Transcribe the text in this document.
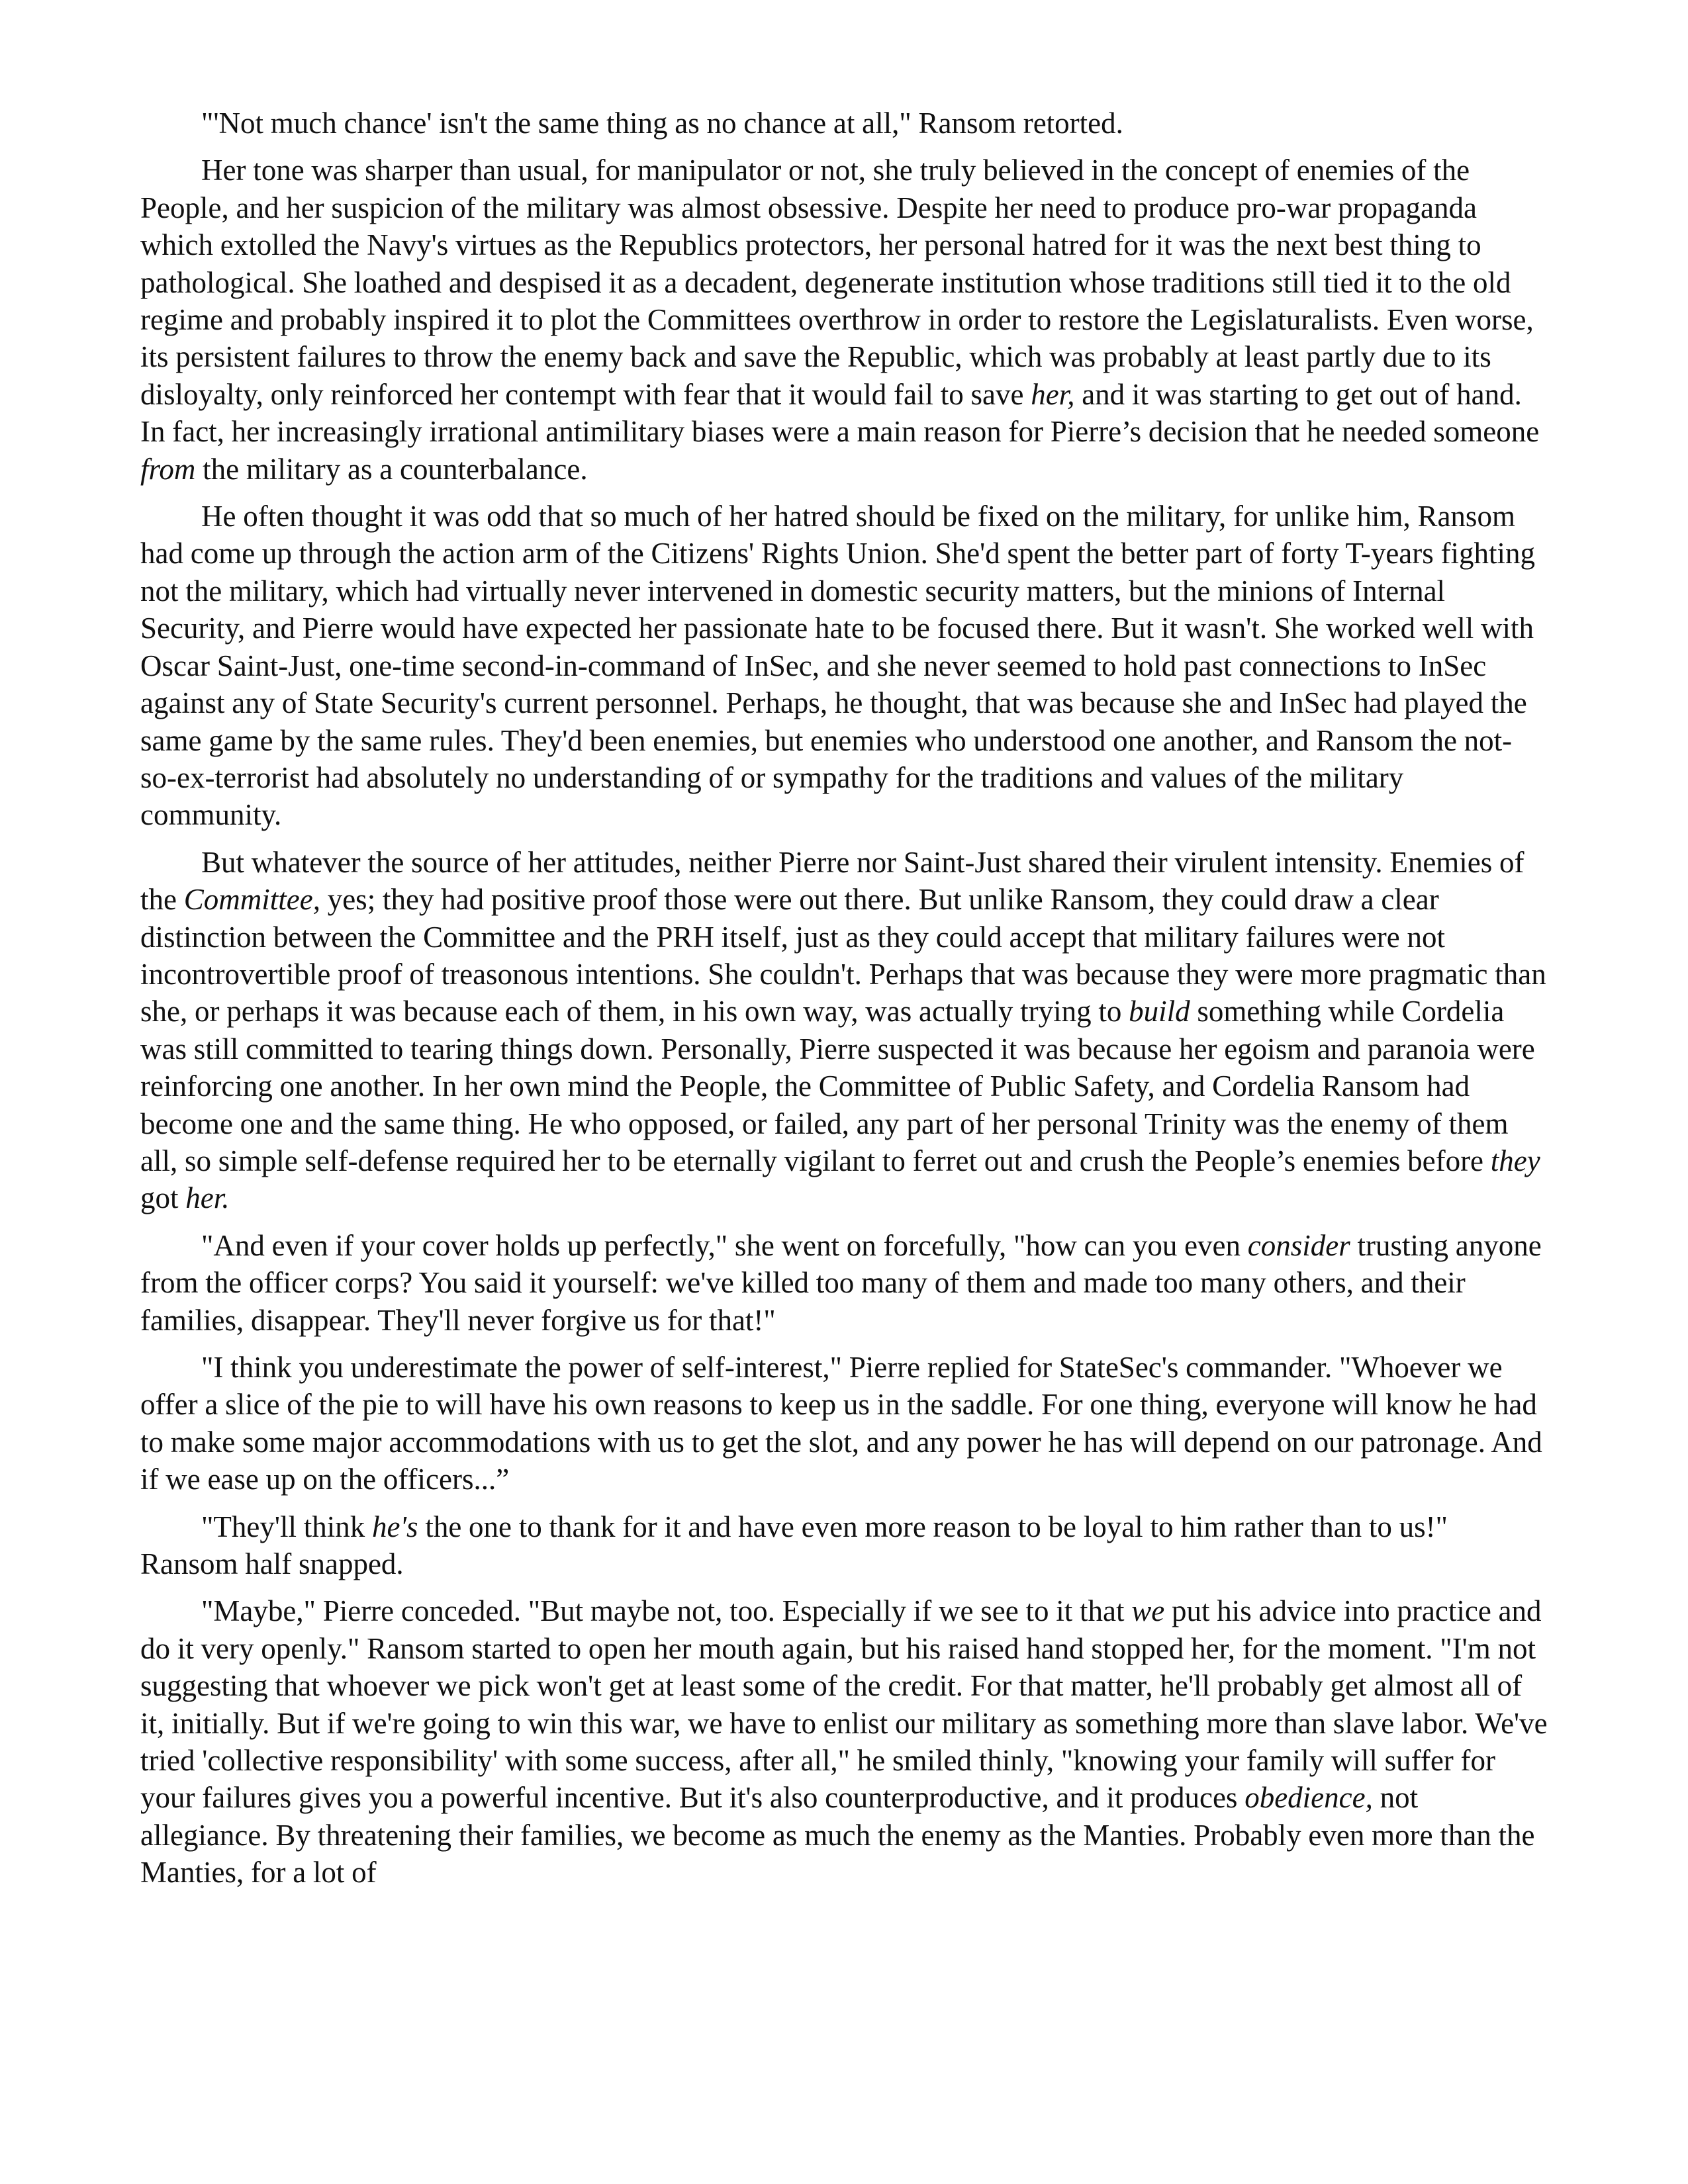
"'Not much chance' isn't the same thing as no chance at all," Ransom retorted.

Her tone was sharper than usual, for manipulator or not, she truly believed in the concept of enemies of the People, and her suspicion of the military was almost obsessive. Despite her need to produce pro-war propaganda which extolled the Navy's virtues as the Republics protectors, her personal hatred for it was the next best thing to pathological. She loathed and despised it as a decadent, degenerate institution whose traditions still tied it to the old regime and probably inspired it to plot the Committees overthrow in order to restore the Legislaturalists. Even worse, its persistent failures to throw the enemy back and save the Republic, which was probably at least partly due to its disloyalty, only reinforced her contempt with fear that it would fail to save her, and it was starting to get out of hand. In fact, her increasingly irrational antimilitary biases were a main reason for Pierre’s decision that he needed someone from the military as a counterbalance.

He often thought it was odd that so much of her hatred should be fixed on the military, for unlike him, Ransom had come up through the action arm of the Citizens' Rights Union. She'd spent the better part of forty T-years fighting not the military, which had virtually never intervened in domestic security matters, but the minions of Internal Security, and Pierre would have expected her passionate hate to be focused there. But it wasn't. She worked well with Oscar Saint-Just, one-time second-in-command of InSec, and she never seemed to hold past connections to InSec against any of State Security's current personnel. Perhaps, he thought, that was because she and InSec had played the same game by the same rules. They'd been enemies, but enemies who understood one another, and Ransom the not-so-ex-terrorist had absolutely no understanding of or sympathy for the traditions and values of the military community.

But whatever the source of her attitudes, neither Pierre nor Saint-Just shared their virulent intensity. Enemies of the Committee, yes; they had positive proof those were out there. But unlike Ransom, they could draw a clear distinction between the Committee and the PRH itself, just as they could accept that military failures were not incontrovertible proof of treasonous intentions. She couldn't. Perhaps that was because they were more pragmatic than she, or perhaps it was because each of them, in his own way, was actually trying to build something while Cordelia was still committed to tearing things down. Personally, Pierre suspected it was because her egoism and paranoia were reinforcing one another. In her own mind the People, the Committee of Public Safety, and Cordelia Ransom had become one and the same thing. He who opposed, or failed, any part of her personal Trinity was the enemy of them all, so simple self-defense required her to be eternally vigilant to ferret out and crush the People’s enemies before they got her.

"And even if your cover holds up perfectly," she went on forcefully, "how can you even consider trusting anyone from the officer corps? You said it yourself: we've killed too many of them and made too many others, and their families, disappear. They'll never forgive us for that!"

"I think you underestimate the power of self-interest," Pierre replied for StateSec's commander. "Whoever we offer a slice of the pie to will have his own reasons to keep us in the saddle. For one thing, everyone will know he had to make some major accommodations with us to get the slot, and any power he has will depend on our patronage. And if we ease up on the officers...”

"They'll think he's the one to thank for it and have even more reason to be loyal to him rather than to us!" Ransom half snapped.

"Maybe," Pierre conceded. "But maybe not, too. Especially if we see to it that we put his advice into practice and do it very openly." Ransom started to open her mouth again, but his raised hand stopped her, for the moment. "I'm not suggesting that whoever we pick won't get at least some of the credit. For that matter, he'll probably get almost all of it, initially. But if we're going to win this war, we have to enlist our military as something more than slave labor. We've tried 'collective responsibility' with some success, after all," he smiled thinly, "knowing your family will suffer for your failures gives you a powerful incentive. But it's also counterproductive, and it produces obedience, not allegiance. By threatening their families, we become as much the enemy as the Manties. Probably even more than the Manties, for a lot of
